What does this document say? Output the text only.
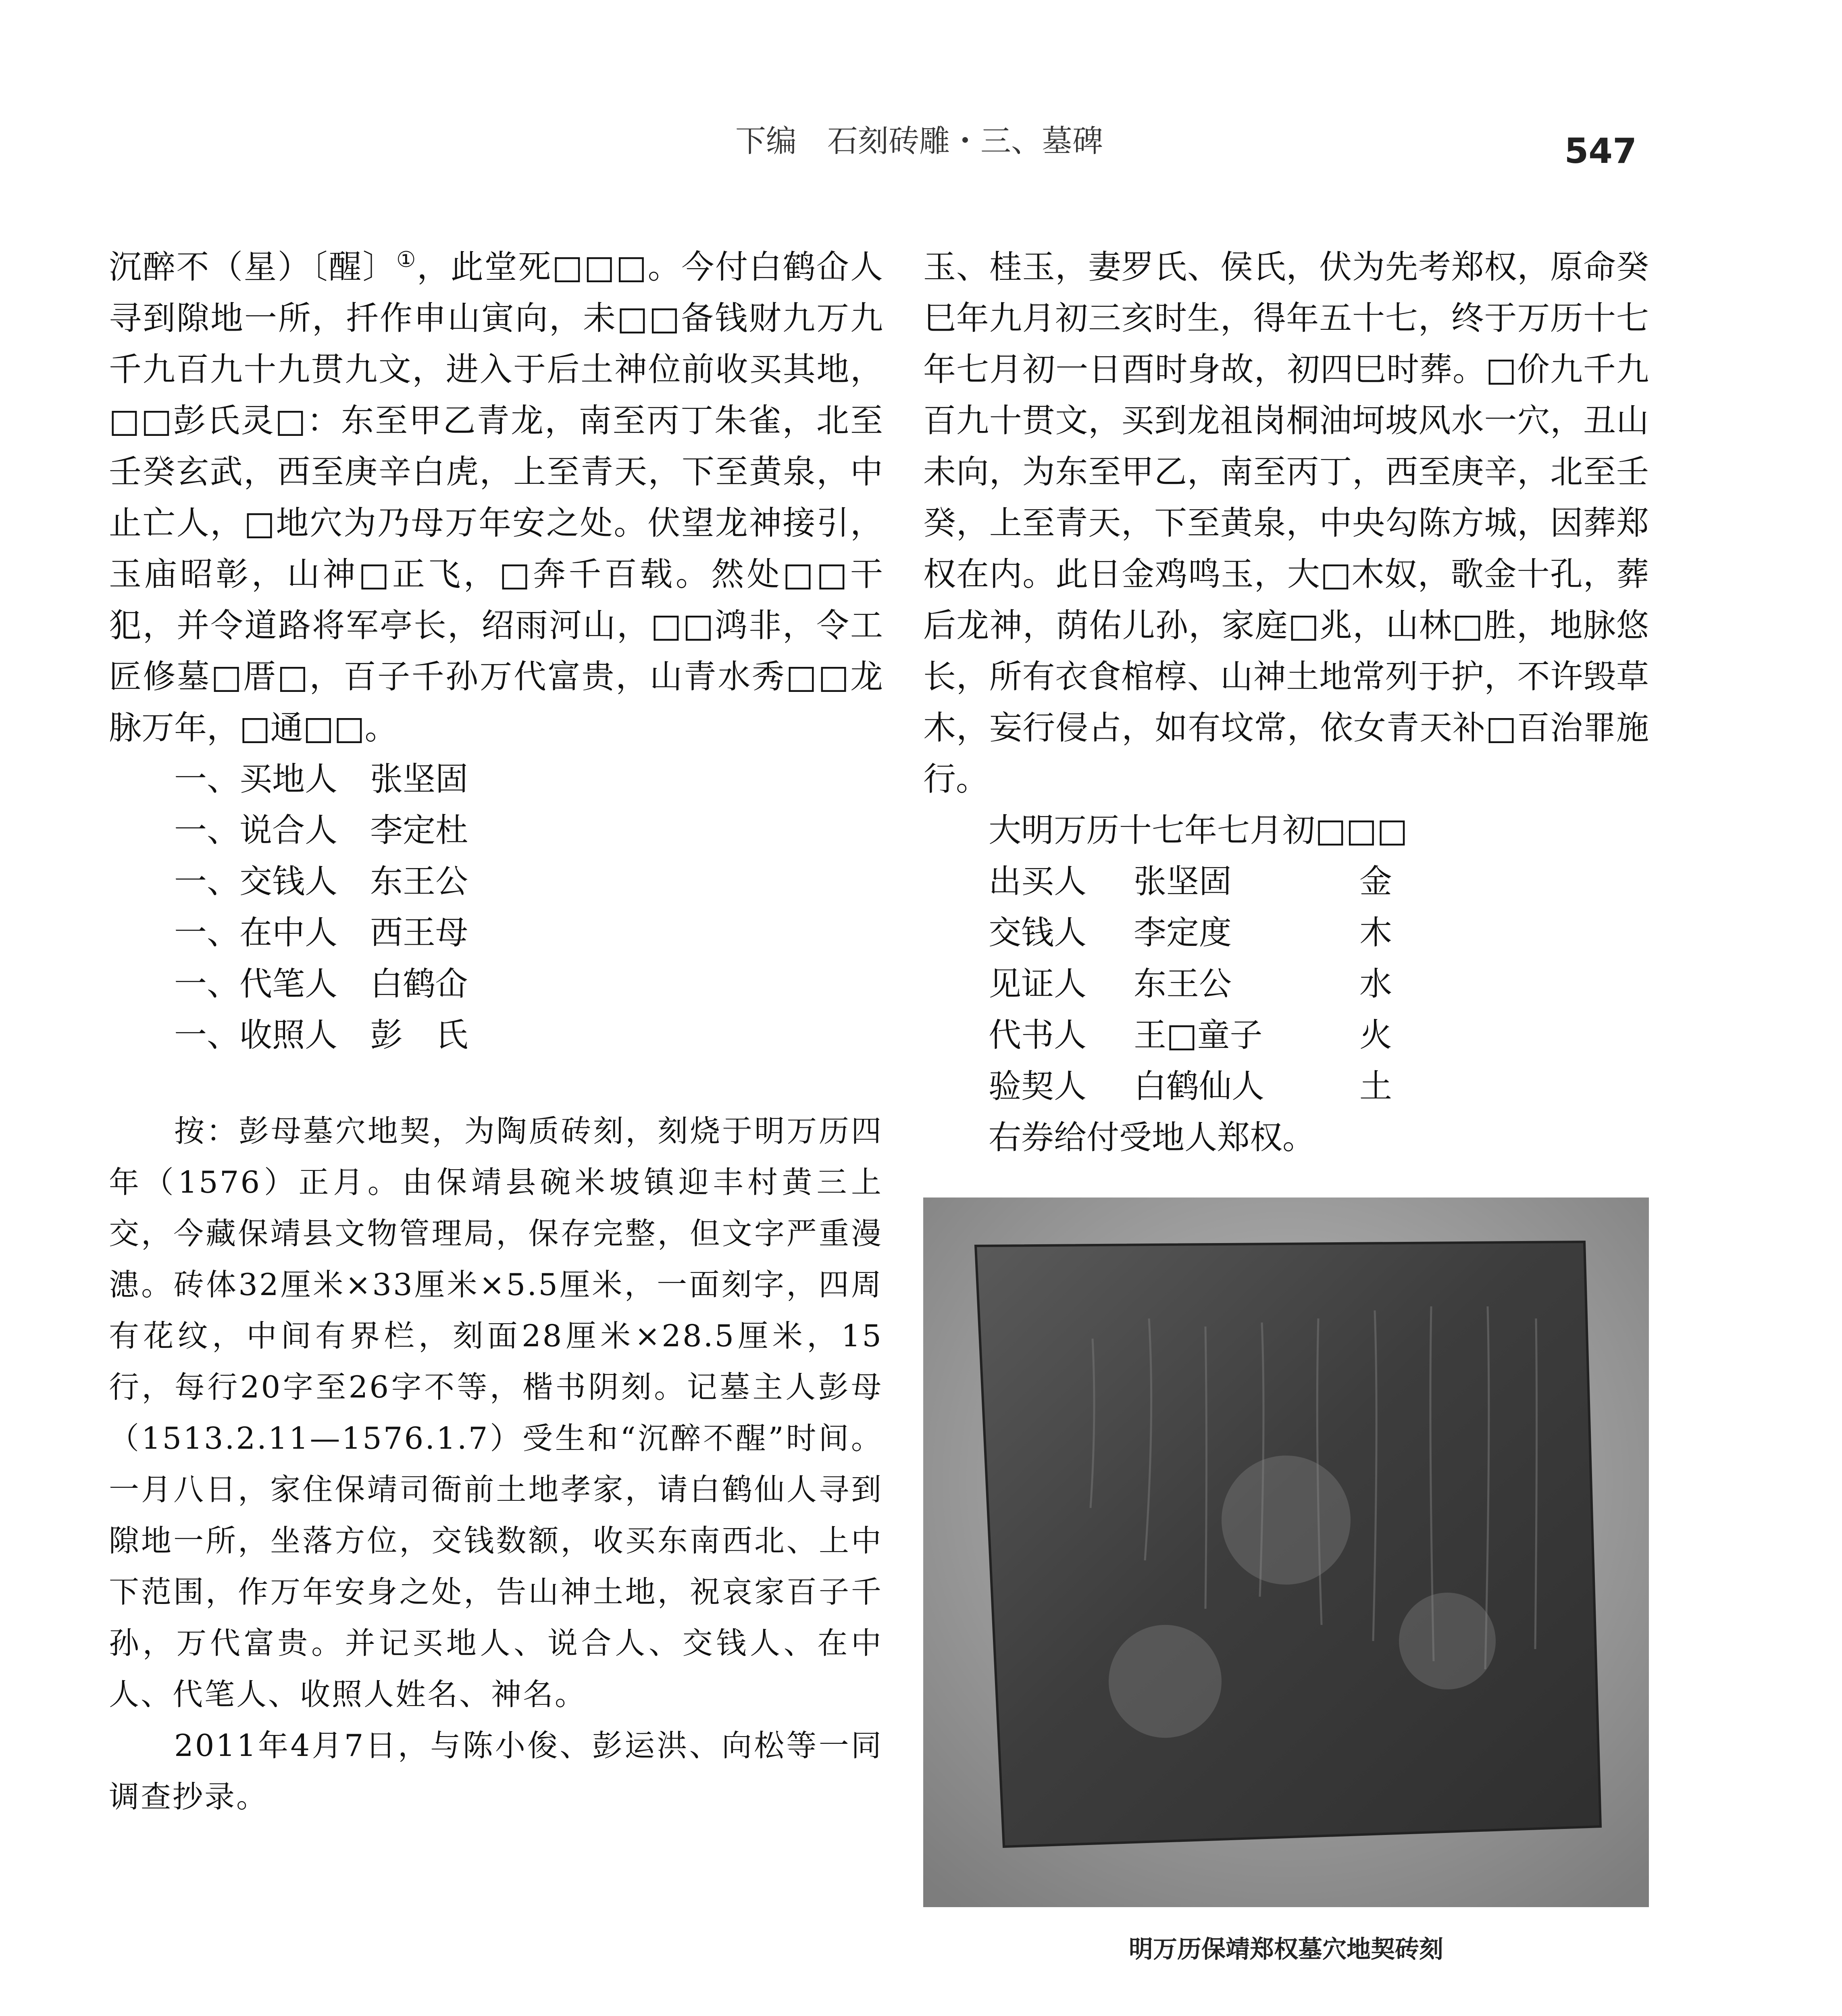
下编　石刻砖雕・三、墓碑	547

沉醉不（星）〔醒〕①，此堂死□□□。今付白鹤仚人寻到隙地一所，扦作申山寅向，未□□备钱财九万九千九百九十九贯九文，进入于后土神位前收买其地，□□彭氏灵□：东至甲乙青龙，南至丙丁朱雀，北至壬癸玄武，西至庚辛白虎，上至青天，下至黄泉，中止亡人，□地穴为乃母万年安之处。伏望龙神接引，玉庙昭彰，山神□正飞，□奔千百载。然处□□干犯，并令道路将军亭长，绍雨河山，□□鸿非，令工匠修墓□厝□，百子千孙万代富贵，山青水秀□□龙脉万年，□通□□。

一、买地人　 张坚固
一、说合人　 李定杜
一、交钱人　 东王公
一、在中人　 西王母
一、代笔人　 白鹤仚
一、收照人　 彭　氏

按：彭母墓穴地契，为陶质砖刻，刻烧于明万历四年（1576）正月。由保靖县碗米坡镇迎丰村黄三上交，今藏保靖县文物管理局，保存完整，但文字严重漫漶。砖体32厘米×33厘米×5.5厘米，一面刻字，四周有花纹，中间有界栏，刻面28厘米×28.5厘米，15行，每行20字至26字不等，楷书阴刻。记墓主人彭母（1513.2.11—1576.1.7）受生和“沉醉不醒”时间。一月八日，家住保靖司衙前土地孝家，请白鹤仙人寻到隙地一所，坐落方位，交钱数额，收买东南西北、上中下范围，作万年安身之处，告山神土地，祝哀家百子千孙，万代富贵。并记买地人、说合人、交钱人、在中人、代笔人、收照人姓名、神名。

2011年4月7日，与陈小俊、彭运洪、向松等一同调查抄录。

玉、桂玉，妻罗氏、侯氏，伏为先考郑权，原命癸巳年九月初三亥时生，得年五十七，终于万历十七年七月初一日酉时身故，初四巳时葬。□价九千九百九十贯文，买到龙祖岗桐油坷坡风水一穴，丑山未向，为东至甲乙，南至丙丁，西至庚辛，北至壬癸，上至青天，下至黄泉，中央勾陈方城，因葬郑权在内。此日金鸡鸣玉，大□木奴，歌金十孔，葬后龙神，荫佑儿孙，家庭□兆，山林□胜，地脉悠长，所有衣食棺椁、山神土地常列于护，不许毁草木，妄行侵占，如有坟常，依女青天补□百治罪施行。

大明万历十七年七月初□□□

出买人 张坚固	金
交钱人 李定度	木
见证人 东王公	水
代书人 王□童子	火
验契人 白鹤仙人	土

右券给付受地人郑权。

明万历保靖郑权墓穴地契砖刻
